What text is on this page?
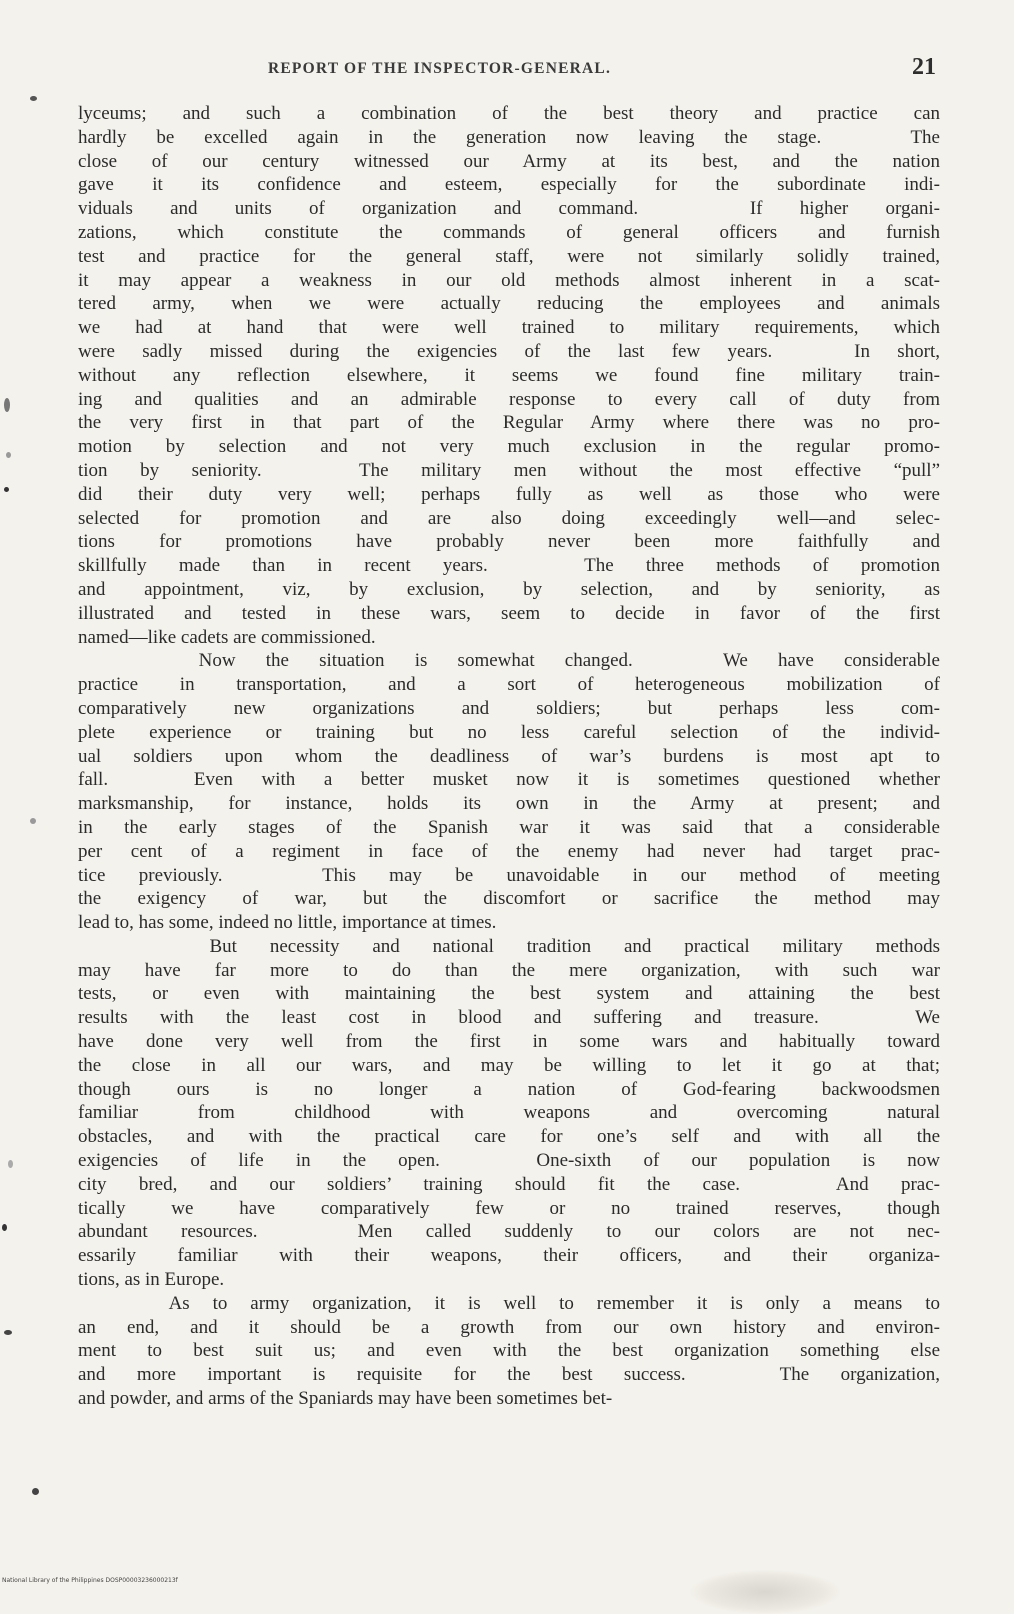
REPORT OF THE INSPECTOR-GENERAL.	21
lyceums; and such a combination of the best theory and practice can
hardly be excelled again in the generation now leaving the stage.   The
close of our century witnessed our Army at its best, and the nation
gave it its confidence and esteem, especially for the subordinate indi-
viduals and units of organization and command.   If higher organi-
zations, which constitute the commands of general officers and furnish
test and practice for the general staff, were not similarly solidly trained,
it may appear a weakness in our old methods almost inherent in a scat-
tered army, when we were actually reducing the employees and animals
we had at hand that were well trained to military requirements, which
were sadly missed during the exigencies of the last few years.   In short,
without any reflection elsewhere, it seems we found fine military train-
ing and qualities and an admirable response to every call of duty from
the very first in that part of the Regular Army where there was no pro-
motion by selection and not very much exclusion in the regular promo-
tion by seniority.   The military men without the most effective “pull”
did their duty very well; perhaps fully as well as those who were
selected for promotion and are also doing exceedingly well—and selec-
tions for promotions have probably never been more faithfully and
skillfully made than in recent years.   The three methods of promotion
and appointment, viz, by exclusion, by selection, and by seniority, as
illustrated and tested in these wars, seem to decide in favor of the first
named—like cadets are commissioned.
Now the situation is somewhat changed.   We have considerable
practice in transportation, and a sort of heterogeneous mobilization of
comparatively new organizations and soldiers; but perhaps less com-
plete experience or training but no less careful selection of the individ-
ual soldiers upon whom the deadliness of war’s burdens is most apt to
fall.   Even with a better musket now it is sometimes questioned whether
marksmanship, for instance, holds its own in the Army at present; and
in the early stages of the Spanish war it was said that a considerable
per cent of a regiment in face of the enemy had never had target prac-
tice previously.   This may be unavoidable in our method of meeting
the exigency of war, but the discomfort or sacrifice the method may
lead to, has some, indeed no little, importance at times.
But necessity and national tradition and practical military methods
may have far more to do than the mere organization, with such war
tests, or even with maintaining the best system and attaining the best
results with the least cost in blood and suffering and treasure.   We
have done very well from the first in some wars and habitually toward
the close in all our wars, and may be willing to let it go at that;
though ours is no longer a nation of God-fearing backwoodsmen
familiar from childhood with weapons and overcoming natural
obstacles, and with the practical care for one’s self and with all the
exigencies of life in the open.   One-sixth of our population is now
city bred, and our soldiers’ training should fit the case.   And prac-
tically we have comparatively few or no trained reserves, though
abundant resources.   Men called suddenly to our colors are not nec-
essarily familiar with their weapons, their officers, and their organiza-
tions, as in Europe.
As to army organization, it is well to remember it is only a means to
an end, and it should be a growth from our own history and environ-
ment to best suit us; and even with the best organization something else
and more important is requisite for the best success.   The organization,
and powder, and arms of the Spaniards may have been sometimes bet-
National Library of the Philippines DOSP00003236000213f
